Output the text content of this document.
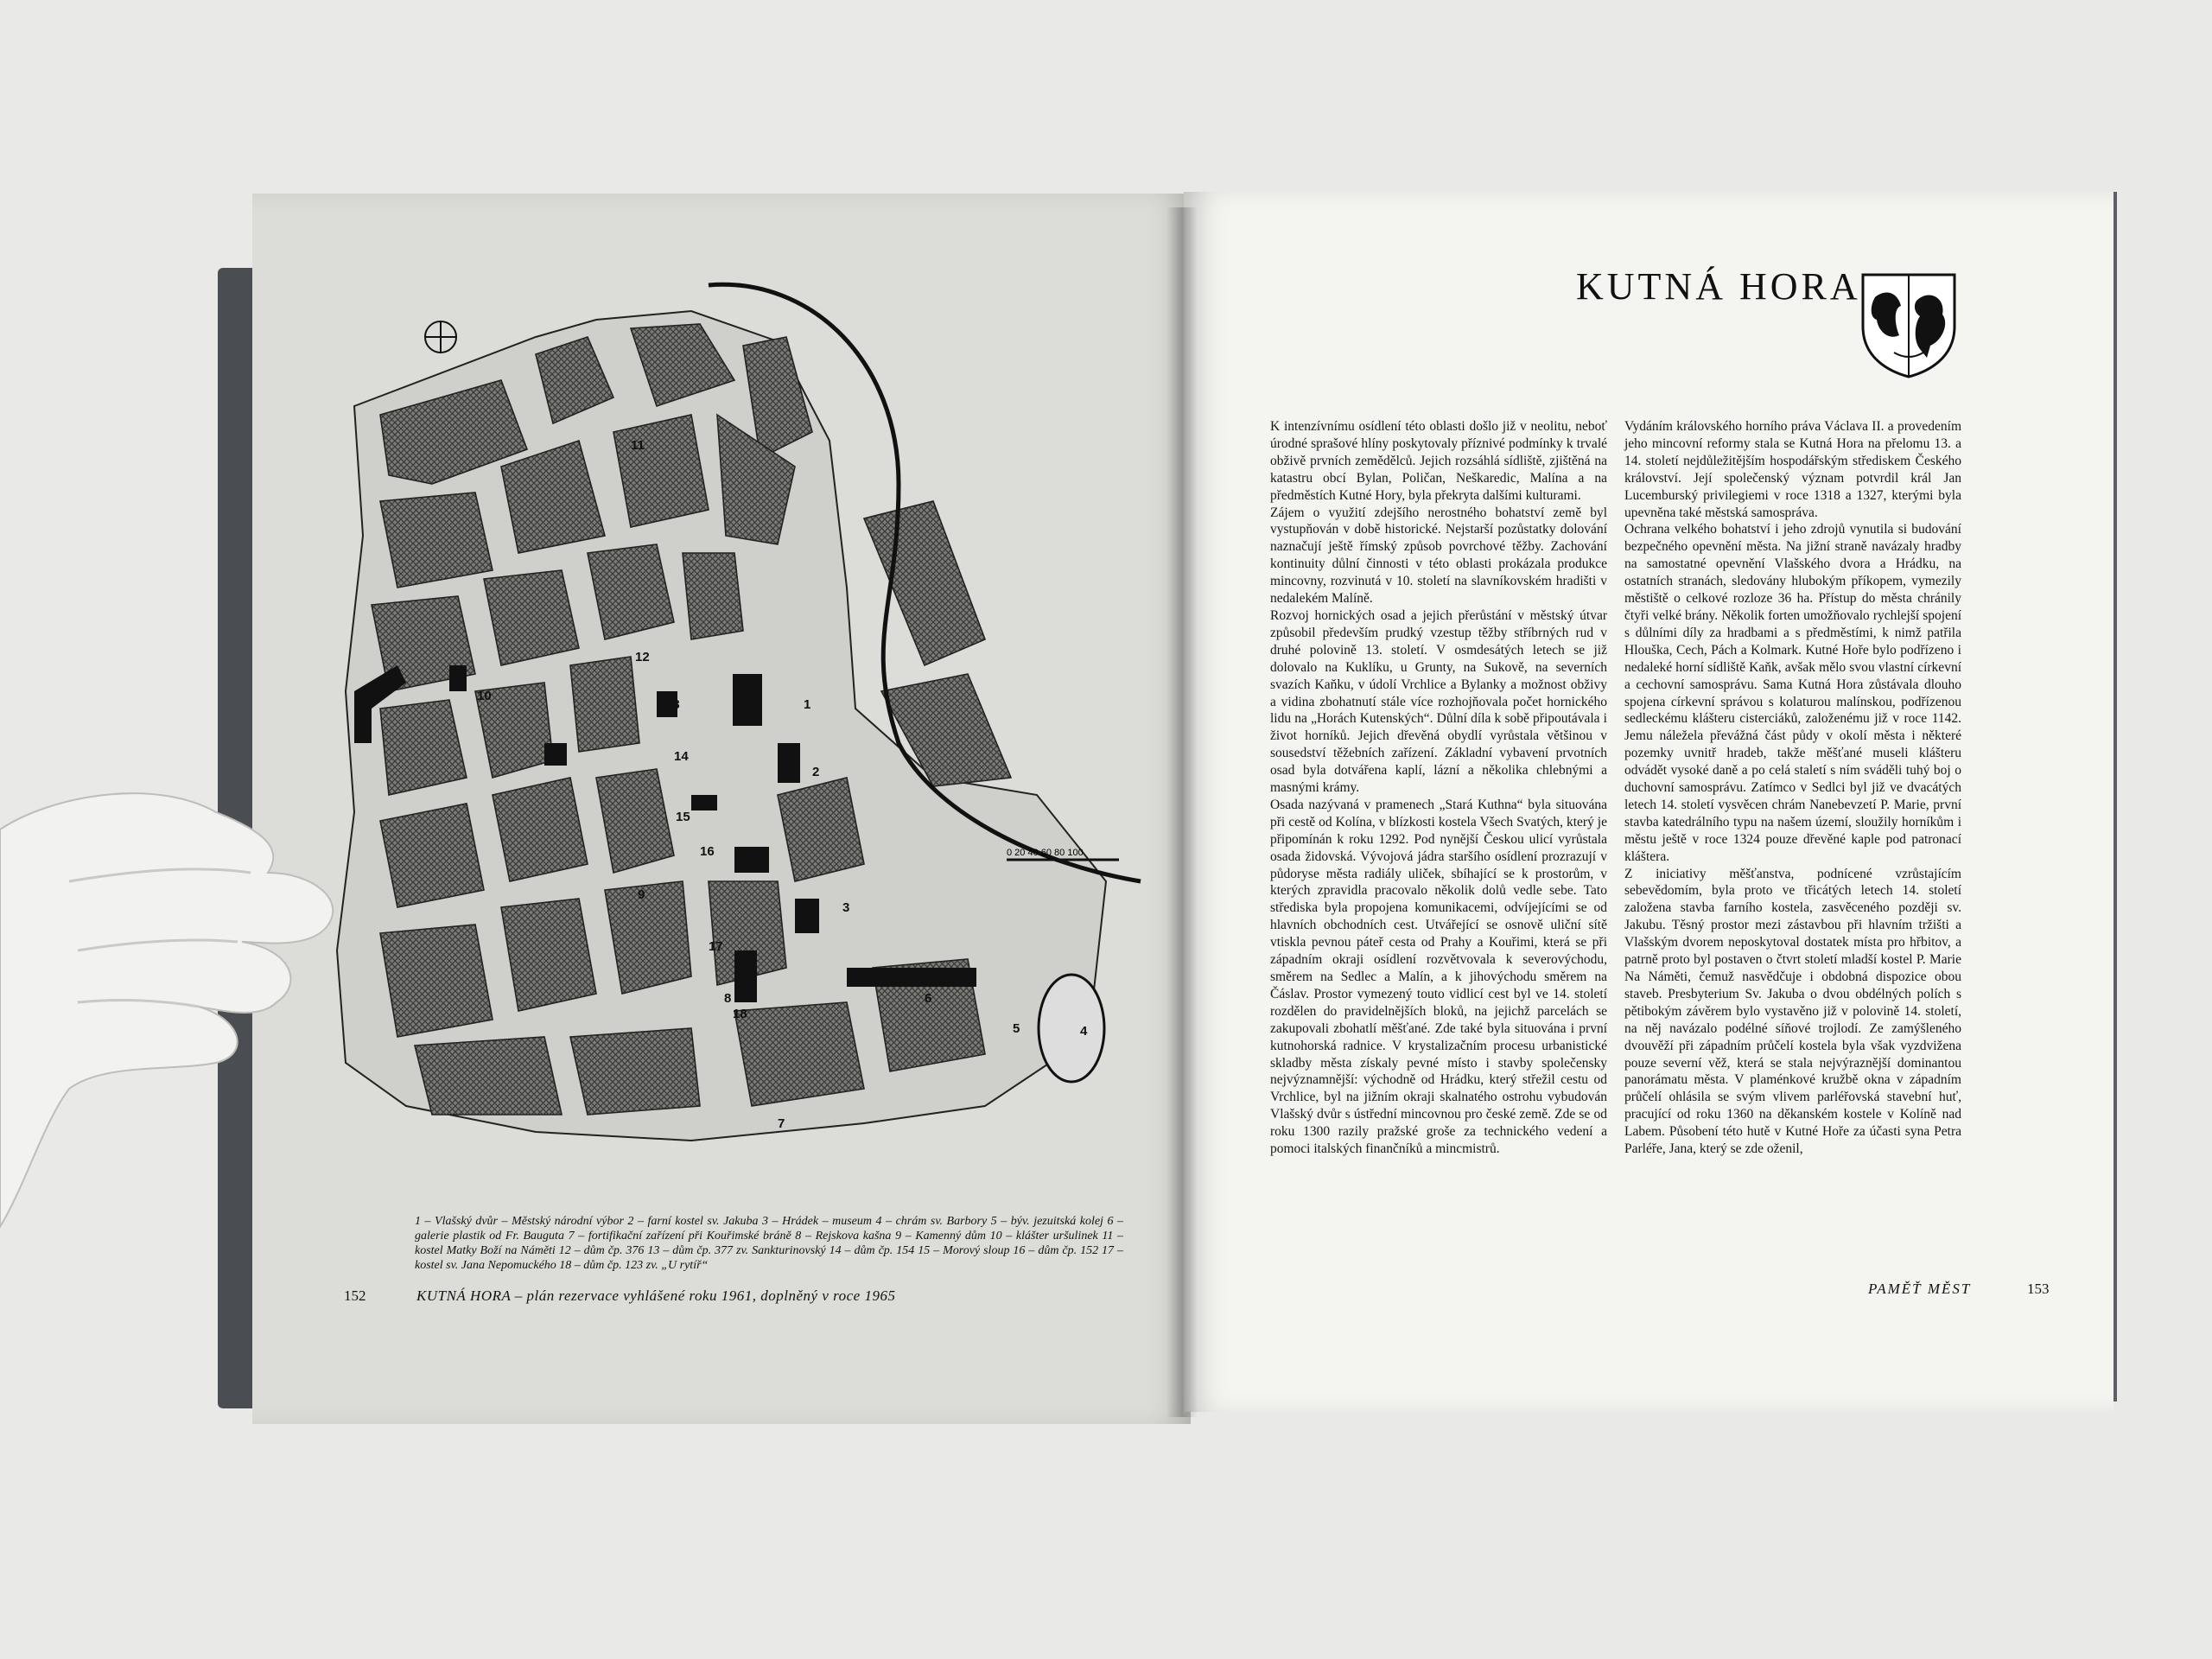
0 20 40 60 80 100
1
2
3
4
5
6
7
8
9
10
11
12
13
14
15
16
17
18
1 – Vlašský dvůr – Městský národní výbor 2 – farní kostel sv. Jakuba 3 – Hrádek – museum 4 – chrám sv. Barbory 5 – býv. jezuitská kolej 6 – galerie plastik od Fr. Bauguta 7 – fortifikační zařízení při Kouřimské bráně 8 – Rejskova kašna 9 – Kamenný dům 10 – klášter uršulinek 11 – kostel Matky Boží na Náměti 12 – dům čp. 376 13 – dům čp. 377 zv. Sankturinovský 14 – dům čp. 154 15 – Morový sloup 16 – dům čp. 152 17 – kostel sv. Jana Nepomuckého 18 – dům čp. 123 zv. „U rytíř“
152	KUTNÁ HORA – plán rezervace vyhlášené roku 1961, doplněný v roce 1965
KUTNÁ HORA

K intenzívnímu osídlení této oblasti došlo již v neolitu, neboť úrodné sprašové hlíny poskytovaly příznivé podmínky k trvalé obživě prvních zemědělců. Jejich rozsáhlá sídliště, zjištěná na katastru obcí Bylan, Poličan, Neškaredic, Malína a na předměstích Kutné Hory, byla překryta dalšími kulturami.

Zájem o využití zdejšího nerostného bohatství země byl vystupňován v době historické. Nejstarší pozůstatky dolování naznačují ještě římský způsob povrchové těžby. Zachování kontinuity důlní činnosti v této oblasti prokázala produkce mincovny, rozvinutá v 10. století na slavníkovském hradišti v nedalekém Malíně.

Rozvoj hornických osad a jejich přerůstání v městský útvar způsobil především prudký vzestup těžby stříbrných rud v druhé polovině 13. století. V osmdesátých letech se již dolovalo na Kuklíku, u Grunty, na Sukově, na severních svazích Kaňku, v údolí Vrchlice a Bylanky a možnost obživy a vidina zbohatnutí stále více rozhojňovala počet hornického lidu na „Horách Kutenských“. Důlní díla k sobě připoutávala i život horníků. Jejich dřevěná obydlí vyrůstala většinou v sousedství těžebních zařízení. Základní vybavení prvotních osad byla dotvářena kaplí, lázní a několika chlebnými a masnými krámy.

Osada nazývaná v pramenech „Stará Kuthna“ byla situována při cestě od Kolína, v blízkosti kostela Všech Svatých, který je připomínán k roku 1292. Pod nynější Českou ulicí vyrůstala osada židovská. Vývojová jádra staršího osídlení prozrazují v půdoryse města radiály uliček, sbíhající se k prostorům, v kterých zpravidla pracovalo několik dolů vedle sebe. Tato střediska byla propojena komunikacemi, odvíjejícími se od hlavních obchodních cest. Utvářející se osnově uliční sítě vtiskla pevnou páteř cesta od Prahy a Kouřimi, která se při západním okraji osídlení rozvětvovala k severovýchodu, směrem na Sedlec a Malín, a k jihovýchodu směrem na Čáslav. Prostor vymezený touto vidlicí cest byl ve 14. století rozdělen do pravidelnějších bloků, na jejichž parcelách se zakupovali zbohatlí měšťané. Zde také byla situována i první kutnohorská radnice. V krystalizačním procesu urbanistické skladby města získaly pevné místo i stavby společensky nejvýznamnější: východně od Hrádku, který střežil cestu od Vrchlice, byl na jižním okraji skalnatého ostrohu vybudován Vlašský dvůr s ústřední mincovnou pro české země. Zde se od roku 1300 razily pražské groše za technického vedení a pomoci italských finančníků a mincmistrů.

Vydáním královského horního práva Václava II. a provedením jeho mincovní reformy stala se Kutná Hora na přelomu 13. a 14. století nejdůležitějším hospodářským střediskem Českého království. Její společenský význam potvrdil král Jan Lucemburský privilegiemi v roce 1318 a 1327, kterými byla upevněna také městská samospráva.

Ochrana velkého bohatství i jeho zdrojů vynutila si budování bezpečného opevnění města. Na jižní straně navázaly hradby na samostatné opevnění Vlašského dvora a Hrádku, na ostatních stranách, sledovány hlubokým příkopem, vymezily městiště o celkové rozloze 36 ha. Přístup do města chránily čtyři velké brány. Několik forten umožňovalo rychlejší spojení s důlními díly za hradbami a s předměstími, k nimž patřila Hlouška, Cech, Pách a Kolmark. Kutné Hoře bylo podřízeno i nedaleké horní sídliště Kaňk, avšak mělo svou vlastní církevní a cechovní samosprávu. Sama Kutná Hora zůstávala dlouho spojena církevní správou s kolaturou malínskou, podřízenou sedleckému klášteru cisterciáků, založenému již v roce 1142. Jemu náležela převážná část půdy v okolí města i některé pozemky uvnitř hradeb, takže měšťané museli klášteru odvádět vysoké daně a po celá staletí s ním sváděli tuhý boj o duchovní samosprávu. Zatímco v Sedlci byl již ve dvacátých letech 14. století vysvěcen chrám Nanebevzetí P. Marie, první stavba katedrálního typu na našem území, sloužily horníkům i městu ještě v roce 1324 pouze dřevěné kaple pod patronací kláštera.

Z iniciativy měšťanstva, podnícené vzrůstajícím sebevědomím, byla proto ve třicátých letech 14. století založena stavba farního kostela, zasvěceného později sv. Jakubu. Těsný prostor mezi zástavbou při hlavním tržišti a Vlašským dvorem neposkytoval dostatek místa pro hřbitov, a patrně proto byl postaven o čtvrt století mladší kostel P. Marie Na Náměti, čemuž nasvědčuje i obdobná dispozice obou staveb. Presbyterium Sv. Jakuba o dvou obdélných polích s pětibokým závěrem bylo vystavěno již v polovině 14. století, na něj navázalo podélné síňové trojlodí. Ze zamýšleného dvouvěží při západním průčelí kostela byla však vyzdvižena pouze severní věž, která se stala nejvýraznější dominantou panorámatu města. V plaménkové kružbě okna v západním průčelí ohlásila se svým vlivem parléřovská stavební huť, pracující od roku 1360 na děkanském kostele v Kolíně nad Labem. Působení této hutě v Kutné Hoře za účasti syna Petra Parléře, Jana, který se zde oženil,

PAMĚŤ MĚST	153
